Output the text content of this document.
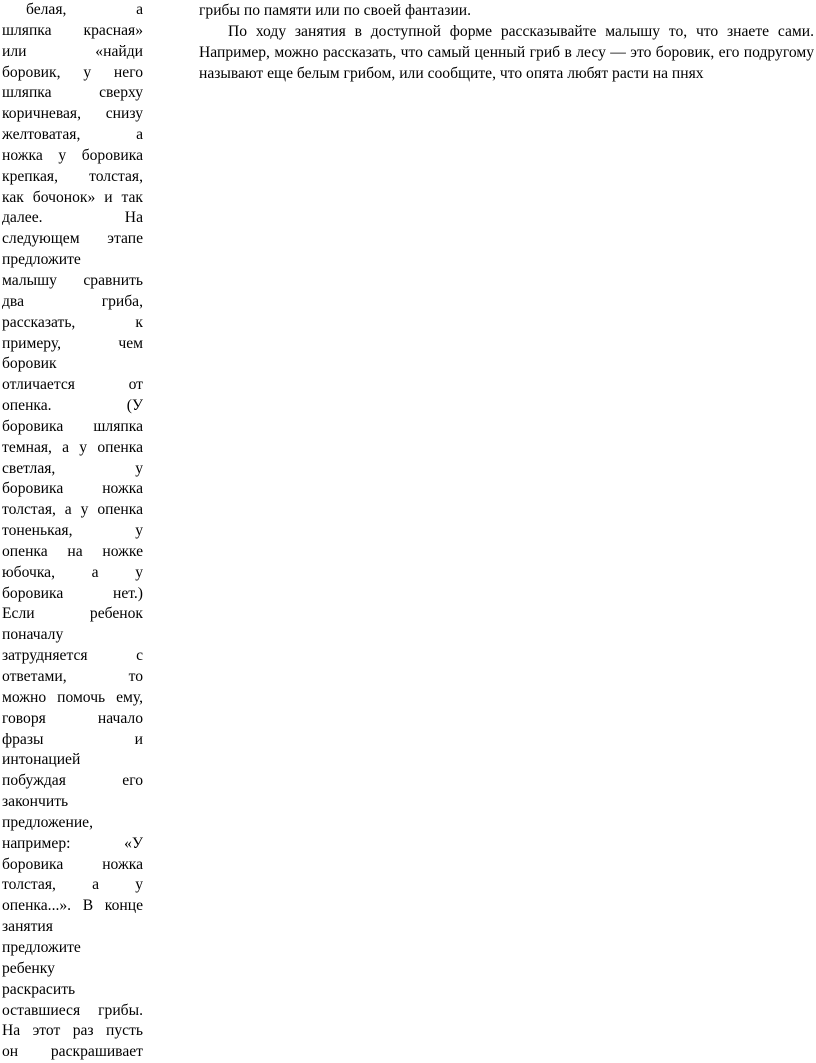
белая, а
шляпка красная»
или «найди
боровик, у него
шляпка сверху
коричневая, снизу
желтоватая, а
ножка у боровика
крепкая, толстая,
как бочонок» и так
далее. На
следующем этапе
предложите
малышу сравнить
два гриба,
рассказать, к
примеру, чем
боровик
отличается от
опенка. (У
боровика шляпка
темная, а у опенка
светлая, у
боровика ножка
толстая, а у опенка
тоненькая, у
опенка на ножке
юбочка, а у
боровика нет.)
Если ребенок
поначалу
затрудняется с
ответами, то
можно помочь ему,
говоря начало
фразы и
интонацией
побуждая его
закончить
предложение,
например: «У
боровика ножка
толстая, а у
опенка...». В конце
занятия
предложите
ребенку
раскрасить
оставшиеся грибы.
На этот раз пусть
он раскрашивает

грибы по памяти или по своей фантазии.

По ходу занятия в доступной форме рассказывайте малышу то, что знаете сами. Например, можно рассказать, что самый ценный гриб в лесу — это боровик, его подругому называют еще белым грибом, или сообщите, что опята любят расти на пнях
